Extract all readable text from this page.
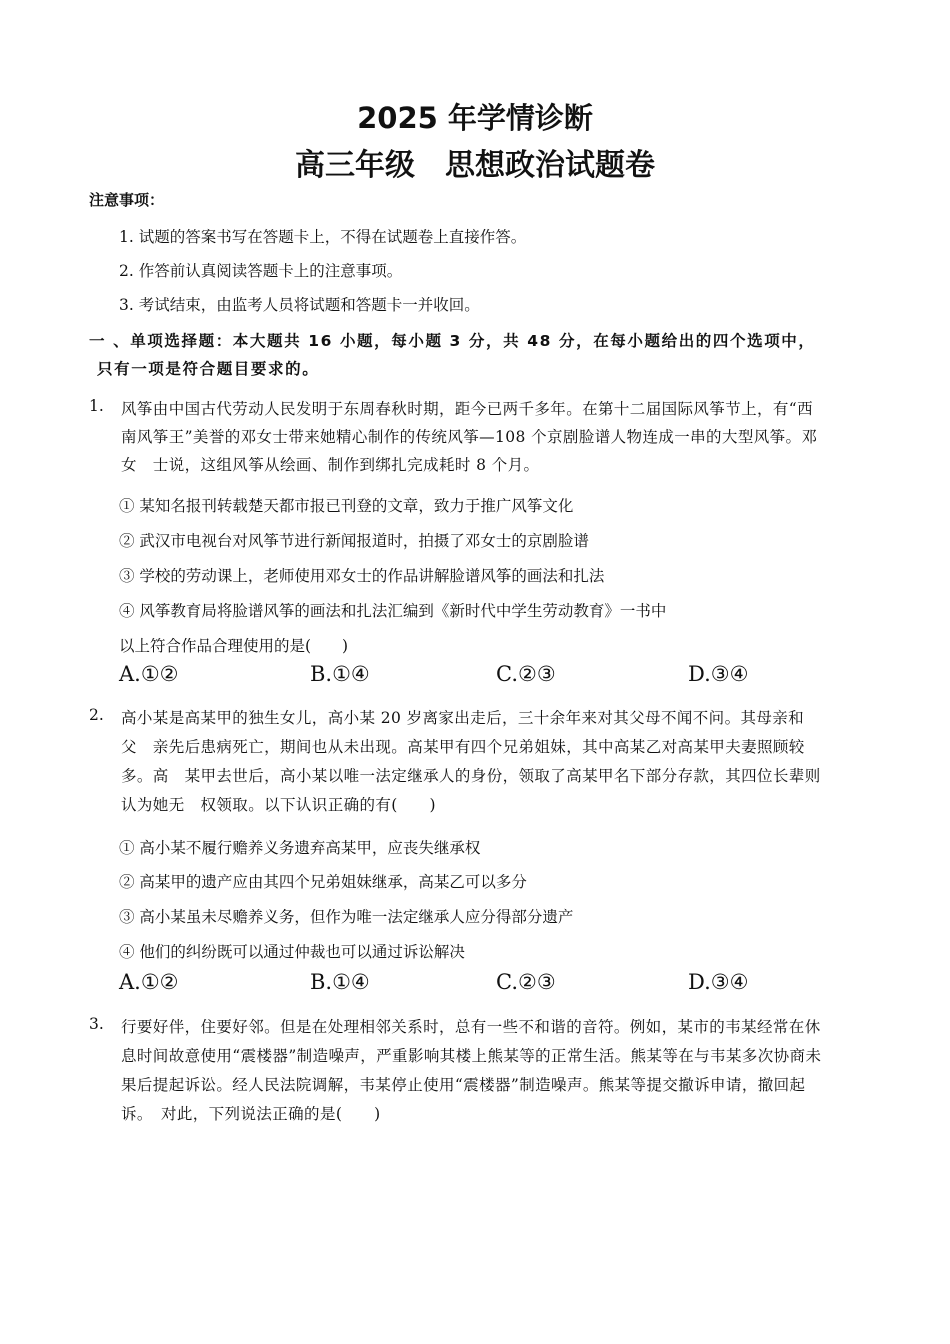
2025 年学情诊断
高三年级　思想政治试题卷
注意事项：
1. 试题的答案书写在答题卡上，不得在试题卷上直接作答。
2. 作答前认真阅读答题卡上的注意事项。
3. 考试结束，由监考人员将试题和答题卡一并收回。
一 、单项选择题：本大题共 16 小题，每小题 3 分，共 48 分，在每小题给出的四个选项中，
只有一项是符合题目要求的。
1. 风筝由中国古代劳动人民发明于东周春秋时期，距今已两千多年。在第十二届国际风筝节上，有“西
南风筝王”美誉的邓女士带来她精心制作的传统风筝—108 个京剧脸谱人物连成一串的大型风筝。邓
女　士说，这组风筝从绘画、制作到绑扎完成耗时 8 个月。
① 某知名报刊转载楚天都市报已刊登的文章，致力于推广风筝文化
② 武汉市电视台对风筝节进行新闻报道时，拍摄了邓女士的京剧脸谱
③ 学校的劳动课上，老师使用邓女士的作品讲解脸谱风筝的画法和扎法
④ 风筝教育局将脸谱风筝的画法和扎法汇编到《新时代中学生劳动教育》一书中
以上符合作品合理使用的是(　　)
A.①②	B.①④	C.②③	D.③④
2. 高小某是高某甲的独生女儿，高小某 20 岁离家出走后，三十余年来对其父母不闻不问。其母亲和
父　亲先后患病死亡，期间也从未出现。高某甲有四个兄弟姐妹，其中高某乙对高某甲夫妻照顾较
多。高　某甲去世后，高小某以唯一法定继承人的身份，领取了高某甲名下部分存款，其四位长辈则
认为她无　权领取。以下认识正确的有(　　)
① 高小某不履行赡养义务遗弃高某甲，应丧失继承权
② 高某甲的遗产应由其四个兄弟姐妹继承，高某乙可以多分
③ 高小某虽未尽赡养义务，但作为唯一法定继承人应分得部分遗产
④ 他们的纠纷既可以通过仲裁也可以通过诉讼解决
A.①②	B.①④	C.②③	D.③④
3. 行要好伴，住要好邻。但是在处理相邻关系时，总有一些不和谐的音符。例如，某市的韦某经常在休
息时间故意使用“震楼器”制造噪声，严重影响其楼上熊某等的正常生活。熊某等在与韦某多次协商未
果后提起诉讼。经人民法院调解，韦某停止使用“震楼器”制造噪声。熊某等提交撤诉申请，撤回起
诉。　对此，下列说法正确的是(　　)
